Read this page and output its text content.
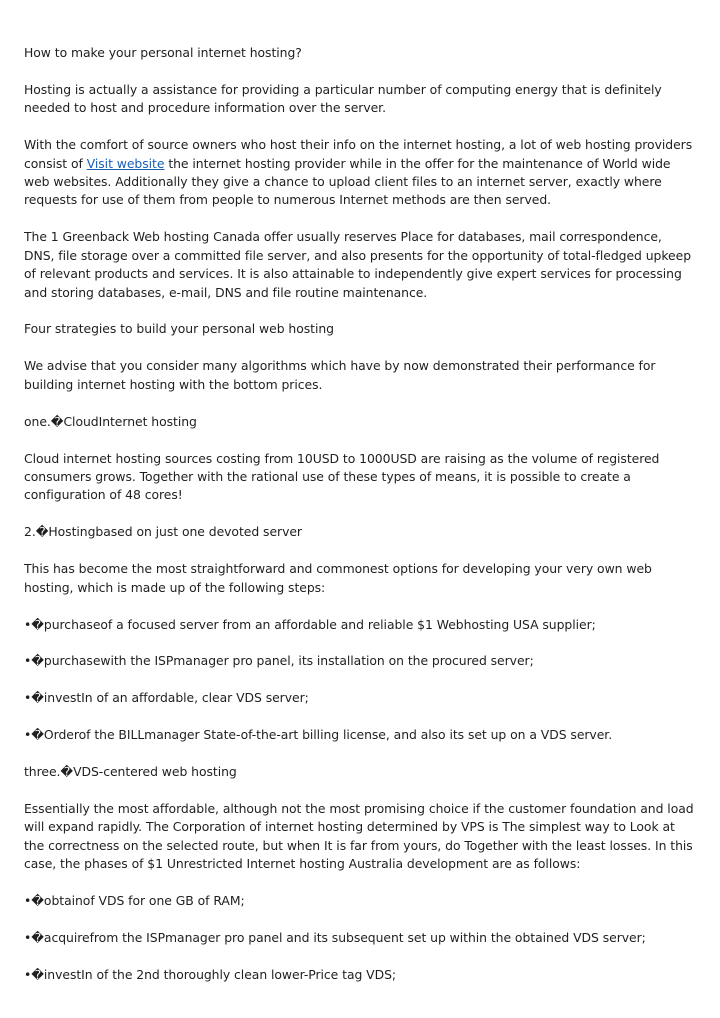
How to make your personal internet hosting?

Hosting is actually a assistance for providing a particular number of computing energy that is definitely needed to host and procedure information over the server.

With the comfort of source owners who host their info on the internet hosting, a lot of web hosting providers consist of Visit website the internet hosting provider while in the offer for the maintenance of World wide web websites. Additionally they give a chance to upload client files to an internet server, exactly where requests for use of them from people to numerous Internet methods are then served.

The 1 Greenback Web hosting Canada offer usually reserves Place for databases, mail correspondence, DNS, file storage over a committed file server, and also presents for the opportunity of total-fledged upkeep of relevant products and services. It is also attainable to independently give expert services for processing and storing databases, e-mail, DNS and file routine maintenance.

Four strategies to build your personal web hosting

We advise that you consider many algorithms which have by now demonstrated their performance for building internet hosting with the bottom prices.

one.�CloudInternet hosting

Cloud internet hosting sources costing from 10USD to 1000USD are raising as the volume of registered consumers grows. Together with the rational use of these types of means, it is possible to create a configuration of 48 cores!

2.�Hostingbased on just one devoted server

This has become the most straightforward and commonest options for developing your very own web hosting, which is made up of the following steps:

•�purchaseof a focused server from an affordable and reliable $1 Webhosting USA supplier;

•�purchasewith the ISPmanager pro panel, its installation on the procured server;

•�investIn of an affordable, clear VDS server;

•�Orderof the BILLmanager State-of-the-art billing license, and also its set up on a VDS server.

three.�VDS-centered web hosting

Essentially the most affordable, although not the most promising choice if the customer foundation and load will expand rapidly. The Corporation of internet hosting determined by VPS is The simplest way to Look at the correctness on the selected route, but when It is far from yours, do Together with the least losses. In this case, the phases of $1 Unrestricted Internet hosting Australia development are as follows:

•�obtainof VDS for one GB of RAM;

•�acquirefrom the ISPmanager pro panel and its subsequent set up within the obtained VDS server;

•�investIn of the 2nd thoroughly clean lower-Price tag VDS;
